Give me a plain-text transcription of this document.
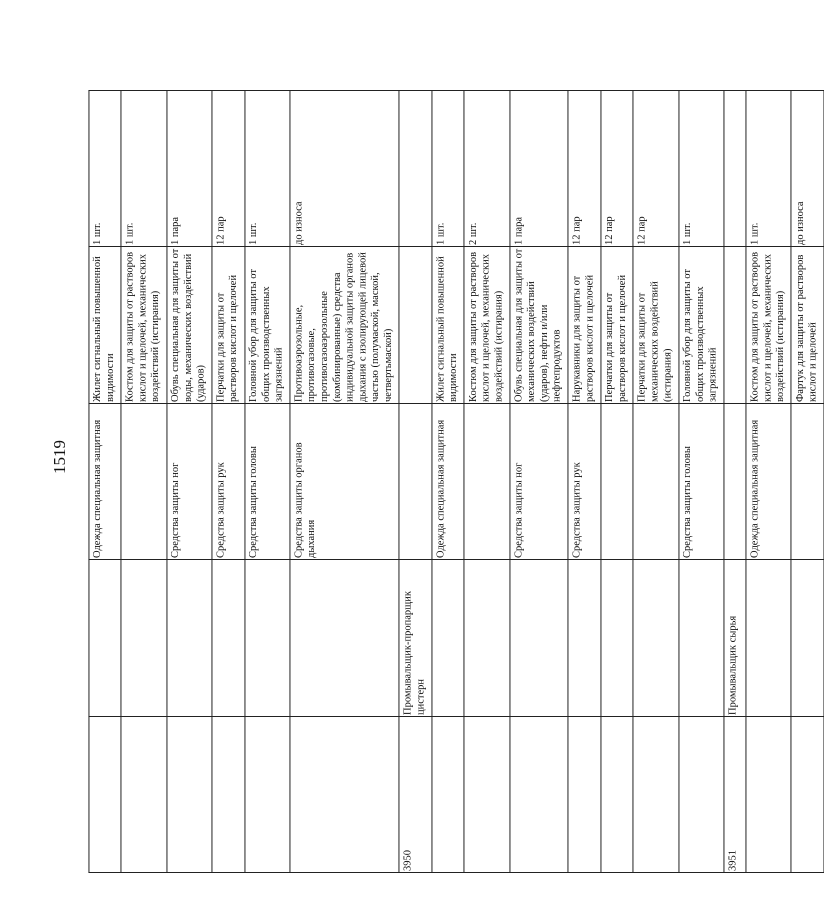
1519
		Одежда специальная защитная	Жилет сигнальный повышенной видимости	1 шт.
			Костюм для защиты от растворов кислот и щелочей, механических воздействий (истирания)	1 шт.
		Средства защиты ног	Обувь специальная для защиты от воды, механических воздействий (ударов)	1 пара
		Средства защиты рук	Перчатки для защиты от растворов кислот и щелочей	12 пар
		Средства защиты головы	Головной убор для защиты от общих производственных загрязнений	1 шт.
		Средства защиты органов дыхания	Противоаэрозольные, противогазовые, противогазоаэрозольные (комбинированные) средства индивидуальной защиты органов дыхания с изолирующей лицевой частью (полумаской, маской, четвертьмаской)	до износа
3950	Промывальщик-пропарщик цистерн			
		Одежда специальная защитная	Жилет сигнальный повышенной видимости	1 шт.
			Костюм для защиты от растворов кислот и щелочей, механических воздействий (истирания)	2 шт.
		Средства защиты ног	Обувь специальная для защиты от механических воздействий (ударов), нефти и/или нефтепродуктов	1 пара
		Средства защиты рук	Нарукавники для защиты от растворов кислот и щелочей	12 пар
			Перчатки для защиты от растворов кислот и щелочей	12 пар
			Перчатки для защиты от механических воздействий (истирания)	12 пар
		Средства защиты головы	Головной убор для защиты от общих производственных загрязнений	1 шт.
3951	Промывальщик сырья			
		Одежда специальная защитная	Костюм для защиты от растворов кислот и щелочей, механических воздействий (истирания)	1 шт.
			Фартук для защиты от растворов кислот и щелочей	до износа
